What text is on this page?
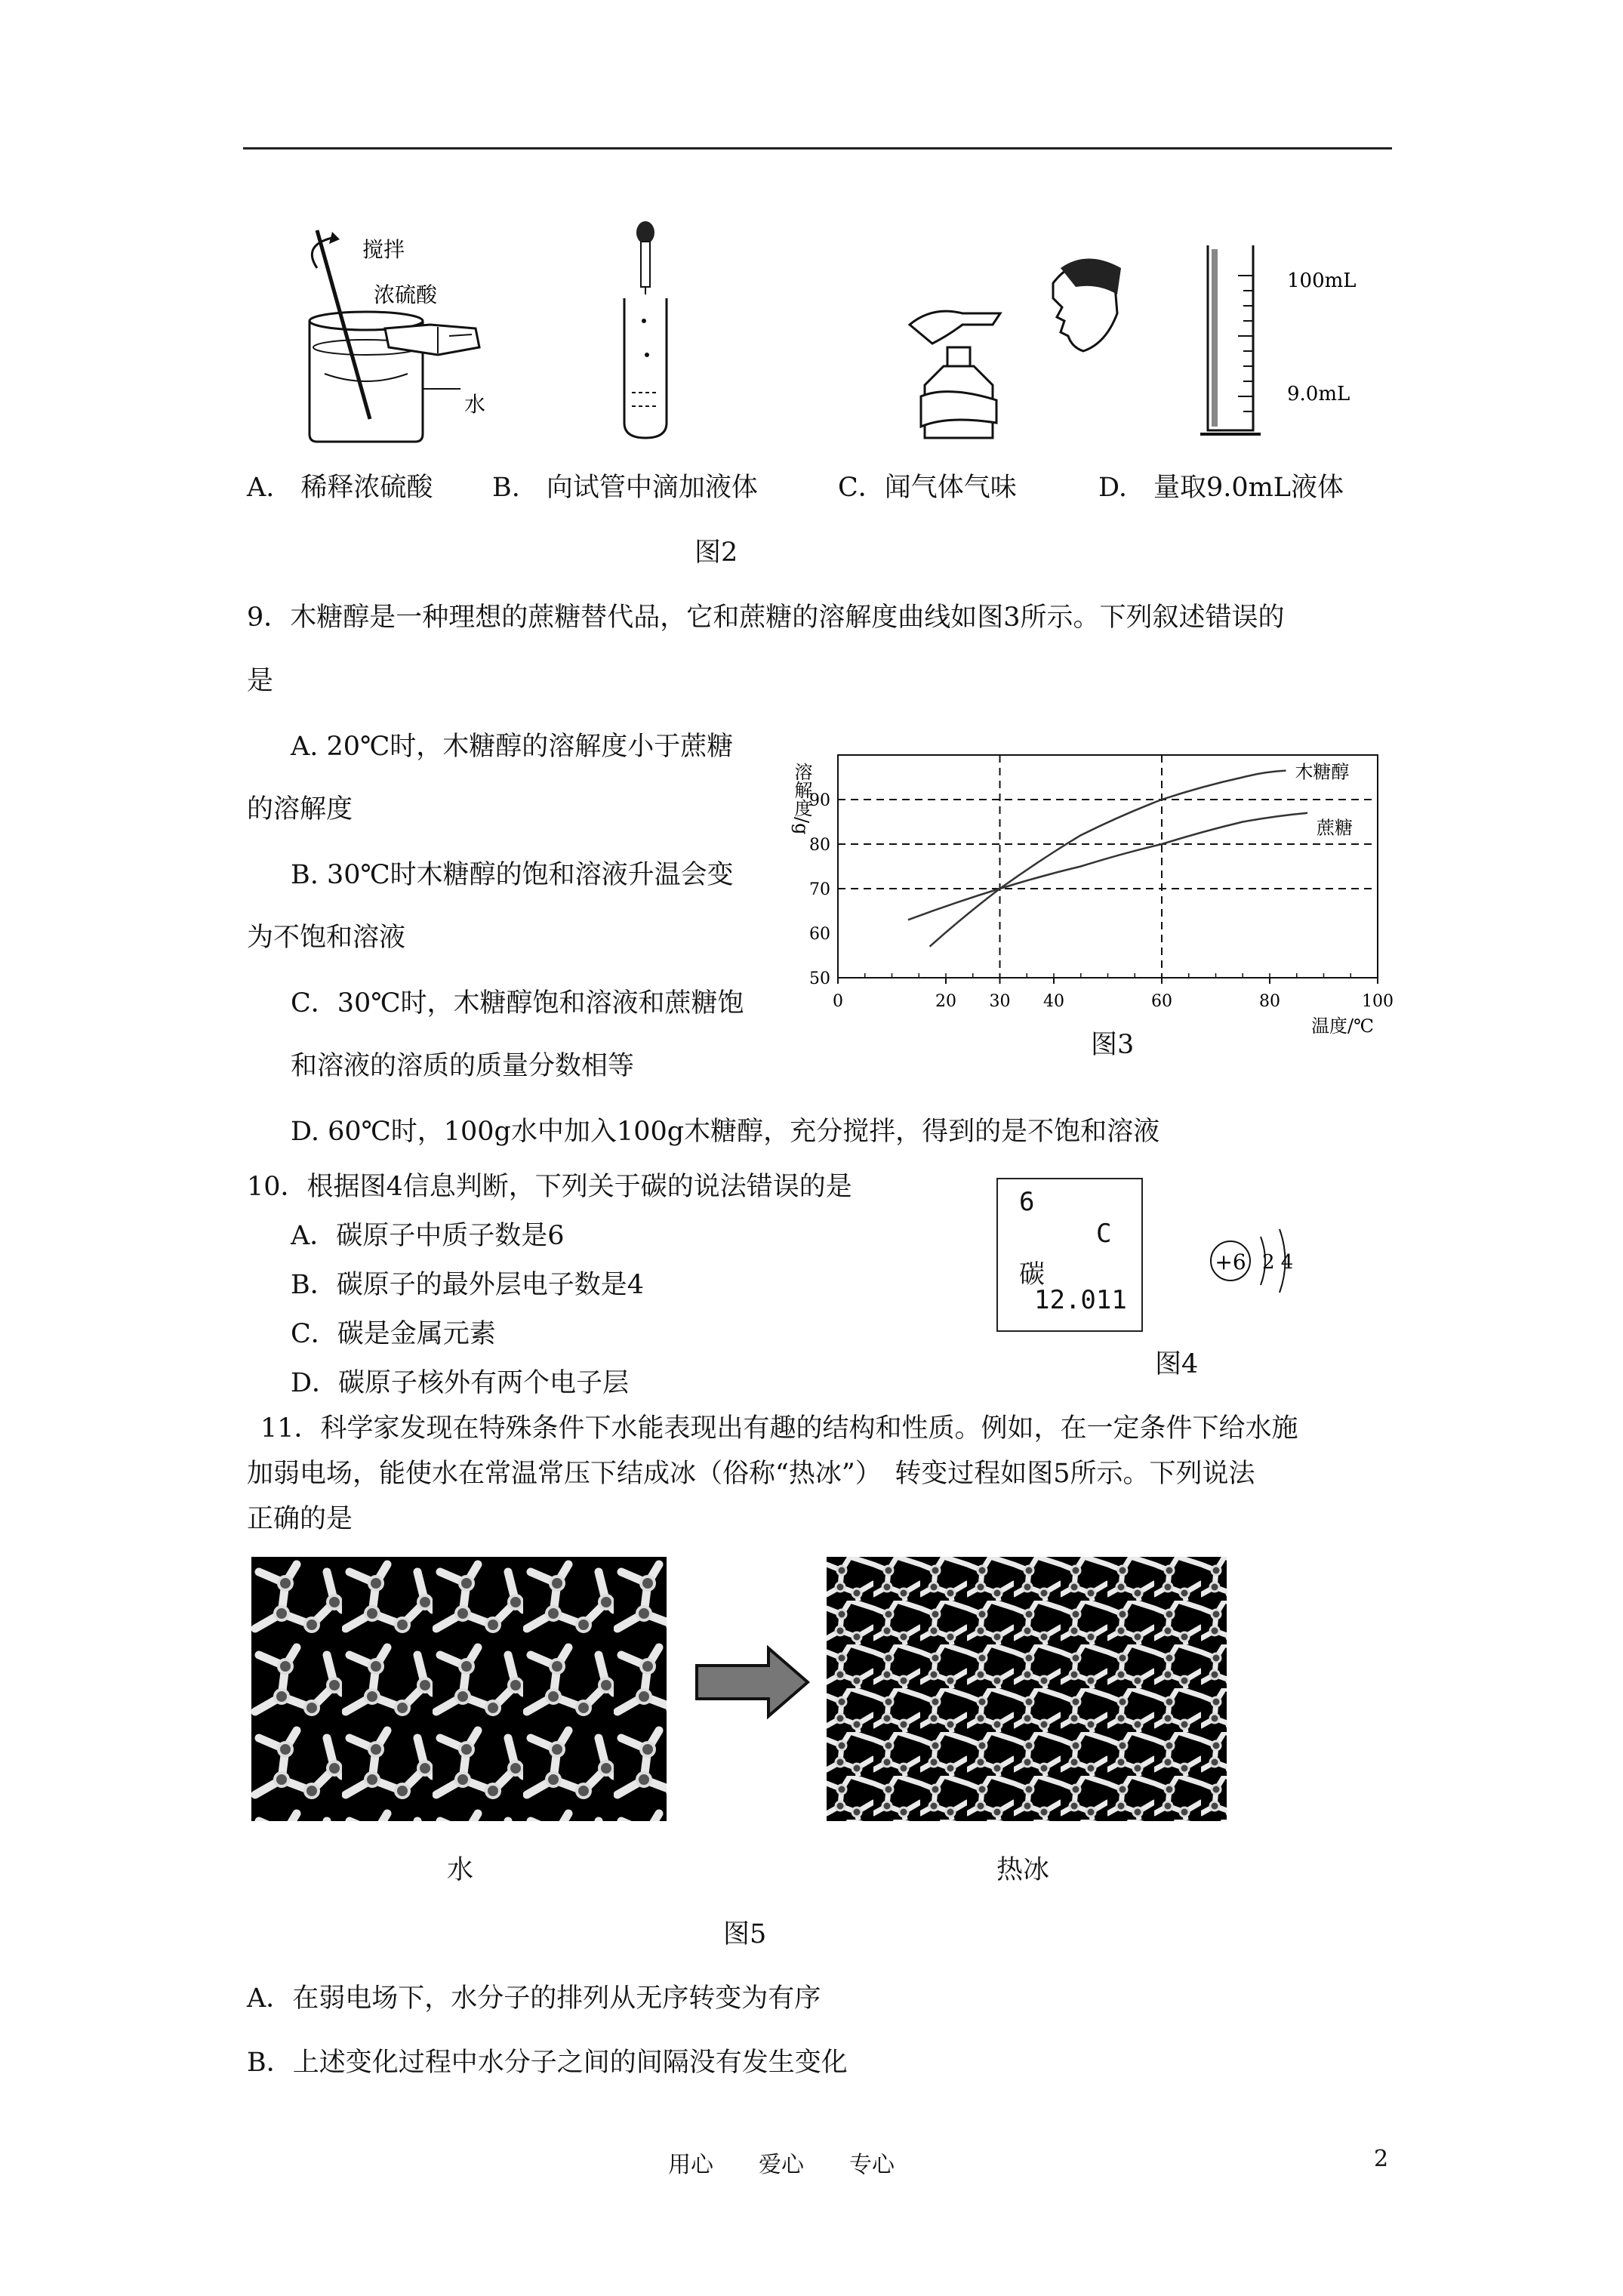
搅拌
浓硫酸
水
100mL
9.0mL
A.　稀释浓硫酸 B.　向试管中滴加液体	C．闻气体气味	D.　量取9.0mL液体
图2
9．木糖醇是一种理想的蔗糖替代品，它和蔗糖的溶解度曲线如图3所示。下列叙述错误的
是
A. 20℃时，木糖醇的溶解度小于蔗糖
的溶解度
B. 30℃时木糖醇的饱和溶液升温会变
为不饱和溶液
C．30℃时，木糖醇饱和溶液和蔗糖饱
和溶液的溶质的质量分数相等
D. 60℃时，100g水中加入100g木糖醇，充分搅拌，得到的是不饱和溶液
木糖醇
蔗糖
0	20 30 40	60	80	100
50
60
70
80
90
溶解度/g
温度/℃
图3
10．根据图4信息判断，下列关于碳的说法错误的是
A．碳原子中质子数是6
B．碳原子的最外层电子数是4
C．碳是金属元素
D．碳原子核外有两个电子层
6
C
碳
12.011
+6 2 4
图4
11．科学家发现在特殊条件下水能表现出有趣的结构和性质。例如，在一定条件下给水施
加弱电场，能使水在常温常压下结成冰（俗称“热冰”）　转变过程如图5所示。下列说法
正确的是
水	热冰
图5
A．在弱电场下，水分子的排列从无序转变为有序
B．上述变化过程中水分子之间的间隔没有发生变化
用心　　爱心　　专心	2
